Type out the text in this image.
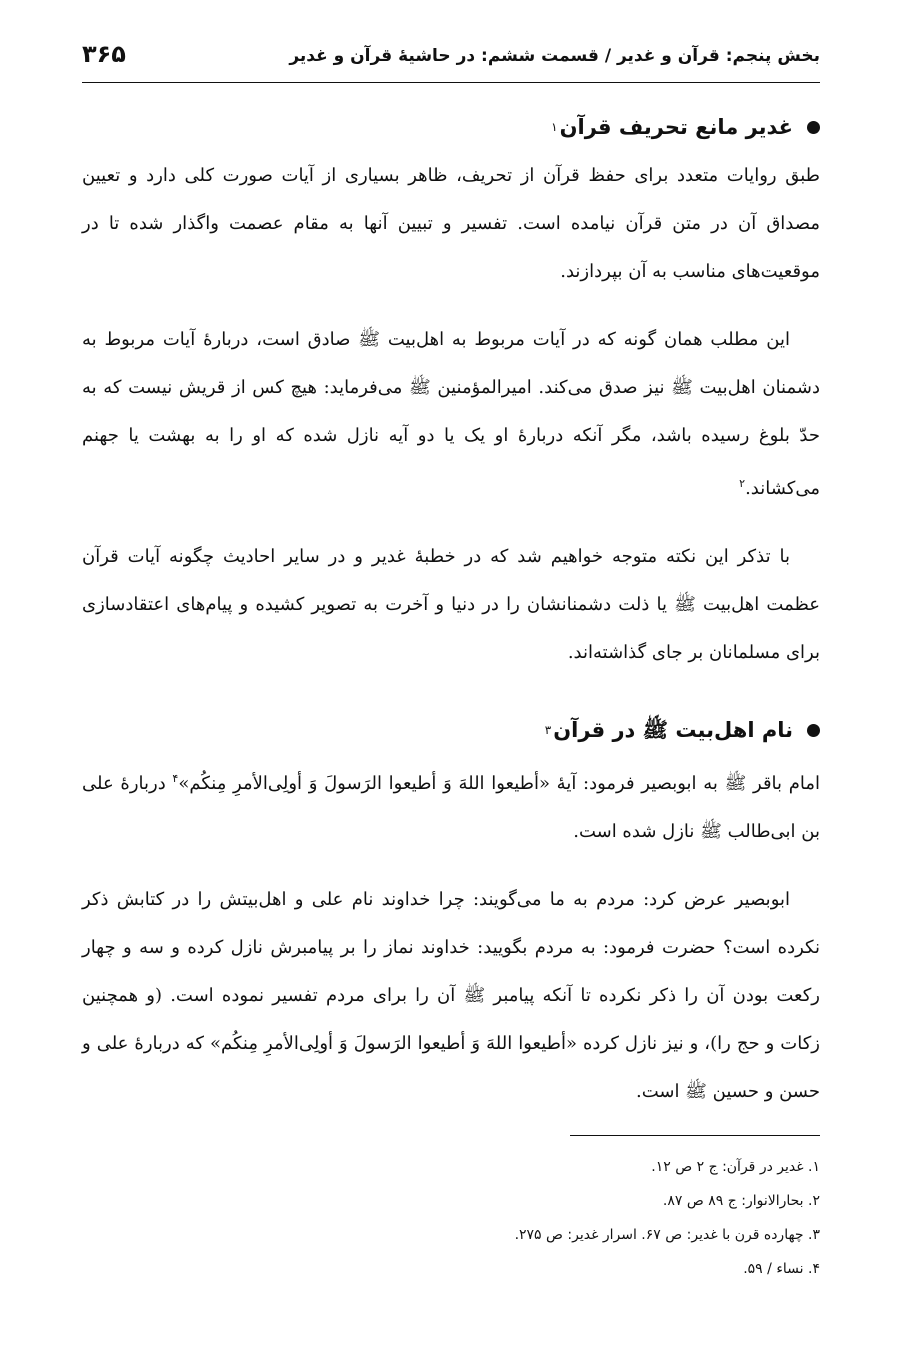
بخش پنجم: قرآن و غدیر / قسمت ششم: در حاشیهٔ قرآن و غدیر
۳۶۵
غدیر مانع تحریف قرآن
۱

طبق روایات متعدد برای حفظ قرآن از تحریف، ظاهر بسیاری از آیات صورت کلی دارد و تعیین مصداق آن در متن قرآن نیامده است. تفسیر و تبیین آنها به مقام عصمت واگذار شده تا در موقعیت‌های مناسب به آن بپردازند.

این مطلب همان گونه که در آیات مربوط به اهل‌بیت ﷺ صادق است، دربارهٔ آیات مربوط به دشمنان اهل‌بیت ﷺ نیز صدق می‌کند. امیرالمؤمنین ﷺ می‌فرماید: هیچ کس از قریش نیست که به حدّ بلوغ رسیده باشد، مگر آنکه دربارهٔ او یک یا دو آیه نازل شده که او را به بهشت یا جهنم می‌کشاند.$^۲$

با تذکر این نکته متوجه خواهیم شد که در خطبهٔ غدیر و در سایر احادیث چگونه آیات قرآن عظمت اهل‌بیت ﷺ یا ذلت دشمنانشان را در دنیا و آخرت به تصویر کشیده و پیام‌های اعتقادسازی برای مسلمانان بر جای گذاشته‌اند.

نام اهل‌بیت ﷺ در قرآن
۳

امام باقر ﷺ به ابوبصیر فرمود: آیهٔ «أطیعوا اللهَ وَ أطیعوا الرَسولَ وَ أولِی‌الأمرِ مِنکُم»$^۴$ دربارهٔ علی بن ابی‌طالب ﷺ نازل شده است.

ابوبصیر عرض کرد: مردم به ما می‌گویند: چرا خداوند نام علی و اهل‌بیتش را در کتابش ذکر نکرده است؟ حضرت فرمود: به مردم بگویید: خداوند نماز را بر پیامبرش نازل کرده و سه و چهار رکعت بودن آن را ذکر نکرده تا آنکه پیامبر ﷺ آن را برای مردم تفسیر نموده است. (و همچنین زکات و حج را)، و نیز نازل کرده «أطیعوا اللهَ وَ أطیعوا الرَسولَ وَ أولِی‌الأمرِ مِنکُم» که دربارهٔ علی و حسن و حسین ﷺ است.

۱. غدیر در قرآن: ج ۲ ص ۱۲.
۲. بحارالانوار: ج ۸۹ ص ۸۷.
۳. چهارده قرن با غدیر: ص ۶۷. اسرار غدیر: ص ۲۷۵.
۴. نساء / ۵۹.
